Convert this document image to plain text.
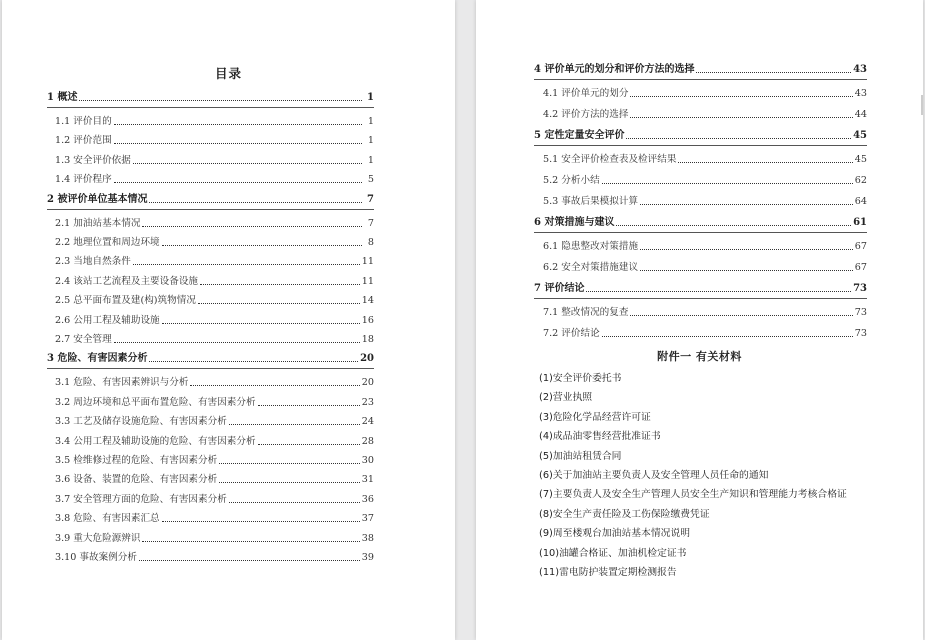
目录
1 概述	1
1.1 评价目的	1
1.2 评价范围	1
1.3 安全评价依据	1
1.4 评价程序	5
2 被评价单位基本情况	7
2.1 加油站基本情况	7
2.2 地理位置和周边环境	8
2.3 当地自然条件	11
2.4 该站工艺流程及主要设备设施	11
2.5 总平面布置及建(构)筑物情况	14
2.6 公用工程及辅助设施	16
2.7 安全管理	18
3 危险、有害因素分析	20
3.1 危险、有害因素辨识与分析	20
3.2 周边环境和总平面布置危险、有害因素分析	23
3.3 工艺及储存设施危险、有害因素分析	24
3.4 公用工程及辅助设施的危险、有害因素分析	28
3.5 检维修过程的危险、有害因素分析	30
3.6 设备、装置的危险、有害因素分析	31
3.7 安全管理方面的危险、有害因素分析	36
3.8 危险、有害因素汇总	37
3.9 重大危险源辨识	38
3.10 事故案例分析	39
4 评价单元的划分和评价方法的选择	43
4.1 评价单元的划分	43
4.2 评价方法的选择	44
5 定性定量安全评价	45
5.1 安全评价检查表及检评结果	45
5.2 分析小结	62
5.3 事故后果模拟计算	64
6 对策措施与建议	61
6.1 隐患整改对策措施	67
6.2 安全对策措施建议	67
7 评价结论	73
7.1 整改情况的复查	73
7.2 评价结论	73
附件一 有关材料
(1)安全评价委托书
(2)营业执照
(3)危险化学品经营许可证
(4)成品油零售经营批准证书
(5)加油站租赁合同
(6)关于加油站主要负责人及安全管理人员任命的通知
(7)主要负责人及安全生产管理人员安全生产知识和管理能力考核合格证
(8)安全生产责任险及工伤保险缴费凭证
(9)周至楼观台加油站基本情况说明
(10)油罐合格证、加油机检定证书
(11)雷电防护装置定期检测报告
